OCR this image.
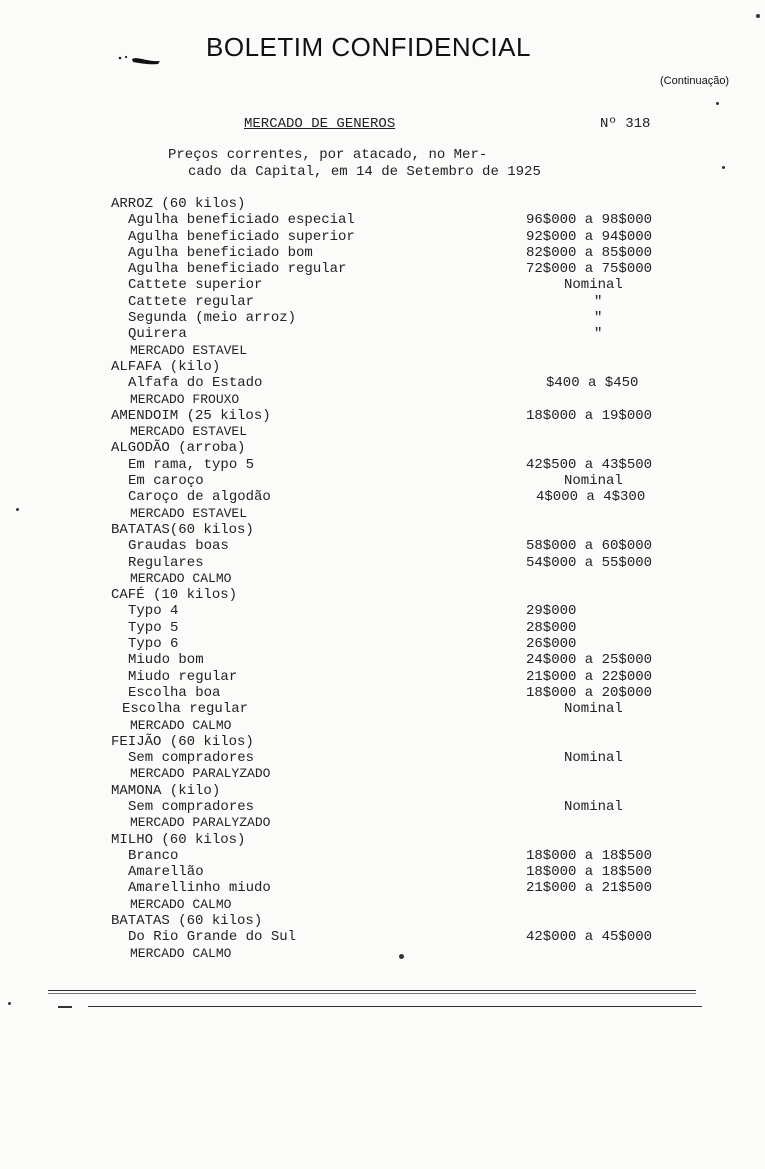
BOLETIM CONFIDENCIAL
(Continuação)
MERCADO DE GENEROS	Nº 318
Preços correntes, por atacado, no Mer-
cado da Capital, em 14 de Setembro de 1925
ARROZ (60 kilos)
Agulha beneficiado especial	96$000 a 98$000
Agulha beneficiado superior	92$000 a 94$000
Agulha beneficiado bom	82$000 a 85$000
Agulha beneficiado regular	72$000 a 75$000
Cattete superior	Nominal
Cattete regular	"
Segunda (meio arroz)	"
Quirera	"
MERCADO ESTAVEL
ALFAFA (kilo)
Alfafa do Estado	$400 a $450
MERCADO FROUXO
AMENDOIM (25 kilos)	18$000 a 19$000
MERCADO ESTAVEL
ALGODÃO (arroba)
Em rama, typo 5	42$500 a 43$500
Em caroço	Nominal
Caroço de algodão	4$000 a 4$300
MERCADO ESTAVEL
BATATAS(60 kilos)
Graudas boas	58$000 a 60$000
Regulares	54$000 a 55$000
MERCADO CALMO
CAFÉ (10 kilos)
Typo 4	29$000
Typo 5	28$000
Typo 6	26$000
Miudo bom	24$000 a 25$000
Miudo regular	21$000 a 22$000
Escolha boa	18$000 a 20$000
Escolha regular	Nominal
MERCADO CALMO
FEIJÃO (60 kilos)
Sem compradores	Nominal
MERCADO PARALYZADO
MAMONA (kilo)
Sem compradores	Nominal
MERCADO PARALYZADO
MILHO (60 kilos)
Branco	18$000 a 18$500
Amarellão	18$000 a 18$500
Amarellinho miudo	21$000 a 21$500
MERCADO CALMO
BATATAS (60 kilos)
Do Rio Grande do Sul	42$000 a 45$000
MERCADO CALMO
